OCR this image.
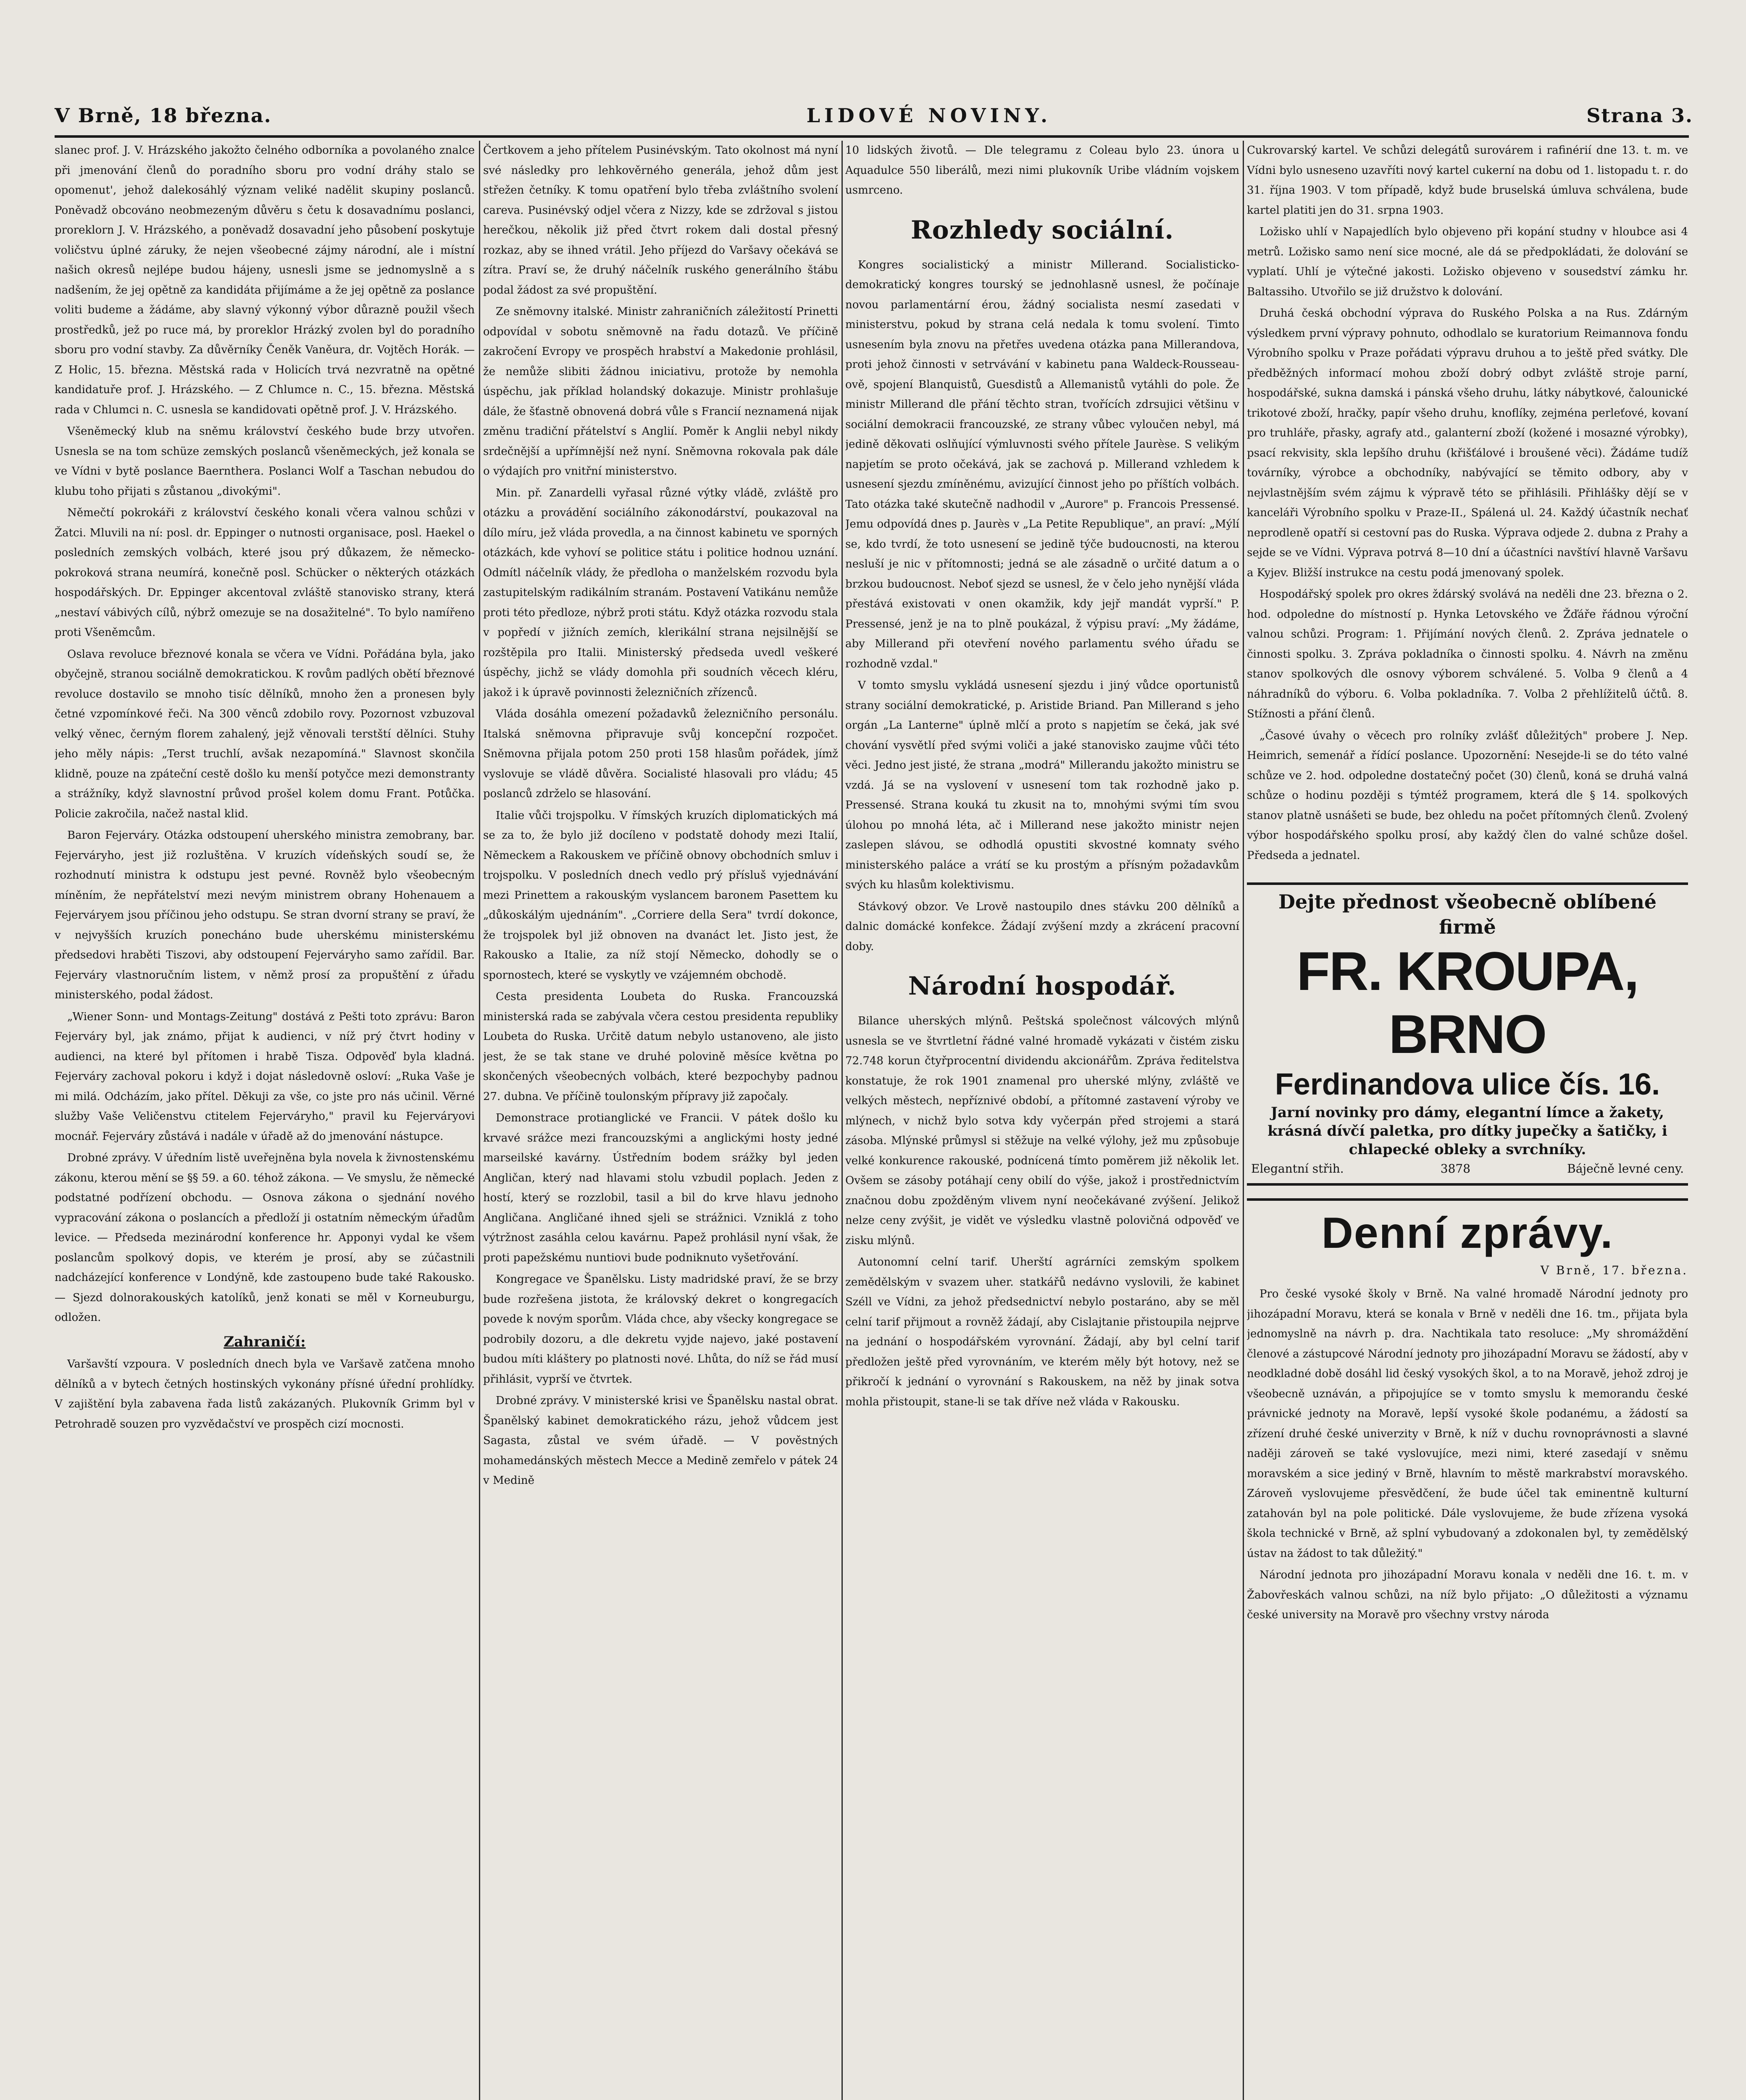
V Brně, 18 března.	LIDOVÉ NOVINY.	Strana 3.

slanec prof. J. V. Hrázského jakožto čelného odborníka a povolaného znalce při jmenování členů do poradního sboru pro vodní dráhy stalo se opomenut', jehož dalekosáhlý význam veliké nadělit skupiny poslanců. Poněvadž obcováno neobmezeným důvěru s četu k dosavadnímu poslanci, proreklorn J. V. Hrázského, a poněvadž dosavadní jeho působení poskytuje voličstvu úplné záruky, že nejen všeobecné zájmy národní, ale i místní našich okresů nejlépe budou hájeny, usnesli jsme se jednomyslně a s nadšením, že jej opětně za kandidáta přijímáme a že jej opětně za poslance voliti budeme a žádáme, aby slavný výkonný výbor důrazně použil všech prostředků, jež po ruce má, by proreklor Hrázký zvolen byl do poradního sboru pro vodní stavby. Za důvěrníky Čeněk Vaněura, dr. Vojtěch Horák. — Z Holic, 15. března. Městská rada v Holicích trvá nezvratně na opětné kandidatuře prof. J. Hrázského. — Z Chlumce n. C., 15. března. Městská rada v Chlumci n. C. usnesla se kandidovati opětně prof. J. V. Hrázského.

Všeněmecký klub na sněmu království českého bude brzy utvořen. Usnesla se na tom schüze zemských poslanců všeněmeckých, jež konala se ve Vídni v bytě poslance Baernthera. Poslanci Wolf a Taschan nebudou do klubu toho přijati s zůstanou „divokými".

Němečtí pokrokáři z království českého konali včera valnou schůzi v Žatci. Mluvili na ní: posl. dr. Eppinger o nutnosti organisace, posl. Haekel o posledních zemských volbách, které jsou prý důkazem, že německo-pokroková strana neumírá, konečně posl. Schücker o některých otázkách hospodářských. Dr. Eppinger akcentoval zvláště stanovisko strany, která „nestaví vábivých cílů, nýbrž omezuje se na dosažitelné". To bylo namířeno proti Všeněmcům.

Oslava revoluce březnové konala se včera ve Vídni. Pořádána byla, jako obyčejně, stranou sociálně demokratickou. K rovům padlých obětí březnové revoluce dostavilo se mnoho tisíc dělníků, mnoho žen a pronesen byly četné vzpomínkové řeči. Na 300 věnců zdobilo rovy. Pozornost vzbuzoval velký věnec, černým florem zahalený, jejž věnovali terstští dělníci. Stuhy jeho měly nápis: „Terst truchlí, avšak nezapomíná." Slavnost skončila klidně, pouze na zpáteční cestě došlo ku menší potyčce mezi demonstranty a strážníky, když slavnostní průvod prošel kolem domu Frant. Potůčka. Policie zakročila, načež nastal klid.

Baron Fejerváry. Otázka odstoupení uherského ministra zemobrany, bar. Fejerváryho, jest již rozluštěna. V kruzích vídeňských soudí se, že rozhodnutí ministra k odstupu jest pevné. Rovněž bylo všeobecným míněním, že nepřátelství mezi nevým ministrem obrany Hohenauem a Fejerváryem jsou příčinou jeho odstupu. Se stran dvorní strany se praví, že v nejvyšších kruzích ponecháno bude uherskému ministerskému předsedovi hraběti Tiszovi, aby odstoupení Fejerváryho samo zařídil. Bar. Fejerváry vlastnoručním listem, v němž prosí za propuštění z úřadu ministerského, podal žádost.

„Wiener Sonn- und Montags-Zeitung" dostává z Pešti toto zprávu: Baron Fejerváry byl, jak známo, přijat k audienci, v níž prý čtvrt hodiny v audienci, na které byl přítomen i hrabě Tisza. Odpověď byla kladná. Fejerváry zachoval pokoru i když i dojat následovně osloví: „Ruka Vaše je mi milá. Odcházím, jako přítel. Děkuji za vše, co jste pro nás učinil. Věrné služby Vaše Veličenstvu ctitelem Fejerváryho," pravil ku Fejerváryovi mocnář. Fejerváry zůstává i nadále v úřadě až do jmenování nástupce.

Drobné zprávy. V úředním listě uveřejněna byla novela k živnostenskému zákonu, kterou mění se §§ 59. a 60. téhož zákona. — Ve smyslu, že německé podstatné podřízení obchodu. — Osnova zákona o sjednání nového vypracování zákona o poslancích a předloží ji ostatním německým úřadům levice. — Předseda mezinárodní konference hr. Apponyi vydal ke všem poslancům spolkový dopis, ve kterém je prosí, aby se zúčastnili nadcházející konference v Londýně, kde zastoupeno bude také Rakousko. — Sjezd dolnorakouských katolíků, jenž konati se měl v Korneuburgu, odložen.

Zahraničí:

Varšavští vzpoura. V posledních dnech byla ve Varšavě zatčena mnoho dělníků a v bytech četných hostinských vykonány přísné úřední prohlídky. V zajištění byla zabavena řada listů zakázaných. Plukovník Grimm byl v Petrohradě souzen pro vyzvědačství ve prospěch cizí mocnosti.

Čertkovem a jeho přítelem Pusinévským. Tato okolnost má nyní své následky pro lehkověrného generála, jehož dům jest střežen četníky. K tomu opatření bylo třeba zvláštního svolení careva. Pusinévský odjel včera z Nizzy, kde se zdržoval s jistou herečkou, několik již před čtvrt rokem dali dostal přesný rozkaz, aby se ihned vrátil. Jeho příjezd do Varšavy očekává se zítra. Praví se, že druhý náčelník ruského generálního štábu podal žádost za své propuštění.

Ze sněmovny italské. Ministr zahraničních záležitostí Prinetti odpovídal v sobotu sněmovně na řadu dotazů. Ve příčině zakročení Evropy ve prospěch hrabství a Makedonie prohlásil, že nemůže slibiti žádnou iniciativu, protože by nemohla úspěchu, jak příklad holandský dokazuje. Ministr prohlašuje dále, že šťastně obnovená dobrá vůle s Francií neznamená nijak změnu tradiční přátelství s Anglií. Poměr k Anglii nebyl nikdy srdečnější a upřímnější než nyní. Sněmovna rokovala pak dále o výdajích pro vnitřní ministerstvo.

Min. př. Zanardelli vyřasal různé výtky vládě, zvláště pro otázku a provádění sociálního zákonodárství, poukazoval na dílo míru, jež vláda provedla, a na činnost kabinetu ve sporných otázkách, kde vyhoví se politice státu i politice hodnou uznání. Odmítl náčelník vlády, že předloha o manželském rozvodu byla zastupitelským radikálním stranám. Postavení Vatikánu nemůže proti této předloze, nýbrž proti státu. Když otázka rozvodu stala v popředí v jižních zemích, klerikální strana nejsilnější se rozštěpila pro Italii. Ministerský předseda uvedl veškeré úspěchy, jichž se vlády domohla při soudních věcech kléru, jakož i k úpravě povinnosti železničních zřízenců.

Vláda dosáhla omezení požadavků železničního personálu. Italská sněmovna připravuje svůj koncepční rozpočet. Sněmovna přijala potom 250 proti 158 hlasům pořádek, jímž vyslovuje se vládě důvěra. Socialisté hlasovali pro vládu; 45 poslanců zdrželo se hlasování.

Italie vůči trojspolku. V římských kruzích diplomatických má se za to, že bylo již docíleno v podstatě dohody mezi Italií, Německem a Rakouskem ve příčině obnovy obchodních smluv i trojspolku. V posledních dnech vedlo prý přísluš vyjednávání mezi Prinettem a rakouským vyslancem baronem Pasettem ku „důkoskálým ujednáním". „Corriere della Sera" tvrdí dokonce, že trojspolek byl již obnoven na dvanáct let. Jisto jest, že Rakousko a Italie, za níž stojí Německo, dohodly se o spornostech, které se vyskytly ve vzájemném obchodě.

Cesta presidenta Loubeta do Ruska. Francouzská ministerská rada se zabývala včera cestou presidenta republiky Loubeta do Ruska. Určitě datum nebylo ustanoveno, ale jisto jest, že se tak stane ve druhé polovině měsíce května po skončených všeobecných volbách, které bezpochyby padnou 27. dubna. Ve příčině toulonským přípravy již započaly.

Demonstrace protianglické ve Francii. V pátek došlo ku krvavé srážce mezi francouzskými a anglickými hosty jedné marseilské kavárny. Ústředním bodem srážky byl jeden Angličan, který nad hlavami stolu vzbudil poplach. Jeden z hostí, který se rozzlobil, tasil a bil do krve hlavu jednoho Angličana. Angličané ihned sjeli se strážnici. Vzniklá z toho výtržnost zasáhla celou kavárnu. Papež prohlásil nyní však, že proti papežskému nuntiovi bude podniknuto vyšetřování.

Kongregace ve Španělsku. Listy madridské praví, že se brzy bude rozřešena jistota, že královský dekret o kongregacích povede k novým sporům. Vláda chce, aby všecky kongregace se podrobily dozoru, a dle dekretu vyjde najevo, jaké postavení budou míti kláštery po platnosti nové. Lhůta, do níž se řád musí přihlásit, vyprší ve čtvrtek.

Drobné zprávy. V ministerské krisi ve Španělsku nastal obrat. Španělský kabinet demokratického rázu, jehož vůdcem jest Sagasta, zůstal ve svém úřadě. — V pověstných mohamedánských městech Mecce a Medině zemřelo v pátek 24 v Medině

10 lidských životů. — Dle telegramu z Coleau bylo 23. února u Aquadulce 550 liberálů, mezi nimi plukovník Uribe vládním vojskem usmrceno.

Rozhledy sociální.

Kongres socialistický a ministr Millerand. Socialisticko-demokratický kongres tourský se jednohlasně usnesl, že počínaje novou parlamentární érou, žádný socialista nesmí zasedati v ministerstvu, pokud by strana celá nedala k tomu svolení. Timto usnesením byla znovu na přetřes uvedena otázka pana Millerandova, proti jehož činnosti v setrvávání v kabinetu pana Waldeck-Rousseau-ově, spojení Blanquistů, Guesdistů a Allemanistů vytáhli do pole. Že ministr Millerand dle přání těchto stran, tvořících zdrsujici většinu v sociální demokracii francouzské, ze strany vůbec vyloučen nebyl, má jedině děkovati oslňující výmluvnosti svého přítele Jaurèse. S velikým napjetím se proto očekává, jak se zachová p. Millerand vzhledem k usnesení sjezdu zmíněnému, avizující činnost jeho po příštích volbách. Tato otázka také skutečně nadhodil v „Aurore" p. Francois Pressensé. Jemu odpovídá dnes p. Jaurès v „La Petite Republique", an praví: „Mýlí se, kdo tvrdí, že toto usnesení se jedině týče budoucnosti, na kterou nesluší je nic v přítomnosti; jedná se ale zásadně o určité datum a o brzkou budoucnost. Neboť sjezd se usnesl, že v čelo jeho nynější vláda přestává existovati v onen okamžik, kdy jejř mandát vyprší." P. Pressensé, jenž je na to plně poukázal, ž výpisu praví: „My žádáme, aby Millerand při otevření nového parlamentu svého úřadu se rozhodně vzdal."

V tomto smyslu vykládá usnesení sjezdu i jiný vůdce oportunistů strany sociální demokratické, p. Aristide Briand. Pan Millerand s jeho orgán „La Lanterne" úplně mlčí a proto s napjetím se čeká, jak své chování vysvětlí před svými voliči a jaké stanovisko zaujme vůči této věci. Jedno jest jisté, že strana „modrá" Millerandu jakožto ministru se vzdá. Já se na vyslovení v usnesení tom tak rozhodně jako p. Pressensé. Strana kouká tu zkusit na to, mnohými svými tím svou úlohou po mnohá léta, ač i Millerand nese jakožto ministr nejen zaslepen slávou, se odhodlá opustiti skvostné komnaty svého ministerského paláce a vrátí se ku prostým a přísným požadavkům svých ku hlasům kolektivismu.

Stávkový obzor. Ve Lrově nastoupilo dnes stávku 200 dělníků a dalnic domácké konfekce. Žádají zvýšení mzdy a zkrácení pracovní doby.

Národní hospodář.

Bilance uherských mlýnů. Peštská společnost válcových mlýnů usnesla se ve štvrtletní řádné valné hromadě vykázati v čistém zisku 72.748 korun čtyřprocentní dividendu akcionářům. Zpráva ředitelstva konstatuje, že rok 1901 znamenal pro uherské mlýny, zvláště ve velkých městech, nepříznivé období, a přítomné zastavení výroby ve mlýnech, v nichž bylo sotva kdy vyčerpán před strojemi a stará zásoba. Mlýnské průmysl si stěžuje na velké výlohy, jež mu způsobuje velké konkurence rakouské, podnícená tímto poměrem již několik let. Ovšem se zásoby potáhají ceny obilí do výše, jakož i prostřednictvím značnou dobu zpožděným vlivem nyní neočekávané zvýšení. Jelikož nelze ceny zvýšit, je vidět ve výsledku vlastně polovičná odpověď ve zisku mlýnů.

Autonomní celní tarif. Uherští agrárníci zemským spolkem zemědělským v svazem uher. statkářů nedávno vyslovili, že kabinet Széll ve Vídni, za jehož předsednictví nebylo postaráno, aby se měl celní tarif přijmout a rovněž žádají, aby Cislajtanie přistoupila nejprve na jednání o hospodářském vyrovnání. Žádají, aby byl celní tarif předložen ještě před vyrovnáním, ve kterém měly být hotovy, než se přikročí k jednání o vyrovnání s Rakouskem, na něž by jinak sotva mohla přistoupit, stane-li se tak dříve než vláda v Rakousku.

Cukrovarský kartel. Ve schůzi delegátů surovárem i rafinérií dne 13. t. m. ve Vídni bylo usneseno uzavříti nový kartel cukerní na dobu od 1. listopadu t. r. do 31. října 1903. V tom případě, když bude bruselská úmluva schválena, bude kartel platiti jen do 31. srpna 1903.

Ložisko uhlí v Napajedlích bylo objeveno při kopání studny v hloubce asi 4 metrů. Ložisko samo není sice mocné, ale dá se předpokládati, že dolování se vyplatí. Uhlí je výtečné jakosti. Ložisko objeveno v sousedství zámku hr. Baltassiho. Utvořilo se již družstvo k dolování.

Druhá česká obchodní výprava do Ruského Polska a na Rus. Zdárným výsledkem první výpravy pohnuto, odhodlalo se kuratorium Reimannova fondu Výrobního spolku v Praze pořádati výpravu druhou a to ještě před svátky. Dle předběžných informací mohou zboží dobrý odbyt zvláště stroje parní, hospodářské, sukna damská i pánská všeho druhu, látky nábytkové, čalounické trikotové zboží, hračky, papír všeho druhu, knoflíky, zejména perleťové, kovaní pro truhláře, přasky, agrafy atd., galanterní zboží (kožené i mosazné výrobky), psací rekvisity, skla lepšího druhu (křišťálové i broušené věci). Žádáme tudíž továrníky, výrobce a obchodníky, nabývající se těmito odbory, aby v nejvlastnějším svém zájmu k výpravě této se přihlásili. Přihlášky dějí se v kanceláři Výrobního spolku v Praze-II., Spálená ul. 24. Každý účastník nechať neprodleně opatří si cestovní pas do Ruska. Výprava odjede 2. dubna z Prahy a sejde se ve Vídni. Výprava potrvá 8—10 dní a účastníci navštíví hlavně Varšavu a Kyjev. Bližší instrukce na cestu podá jmenovaný spolek.

Hospodářský spolek pro okres ždárský svolává na neděli dne 23. března o 2. hod. odpoledne do místností p. Hynka Letovského ve Žďáře řádnou výroční valnou schůzi. Program: 1. Přijímání nových členů. 2. Zpráva jednatele o činnosti spolku. 3. Zpráva pokladníka o činnosti spolku. 4. Návrh na změnu stanov spolkových dle osnovy výborem schválené. 5. Volba 9 členů a 4 náhradníků do výboru. 6. Volba pokladníka. 7. Volba 2 přehlížitelů účtů. 8. Stížnosti a přání členů.

„Časové úvahy o věcech pro rolníky zvlášť důležitých" probere J. Nep. Heimrich, semenář a řídící poslance. Upozornění: Nesejde-li se do této valné schůze ve 2. hod. odpoledne dostatečný počet (30) členů, koná se druhá valná schůze o hodinu později s týmtéž programem, která dle § 14. spolkových stanov platně usnášeti se bude, bez ohledu na počet přítomných členů. Zvolený výbor hospodářského spolku prosí, aby každý člen do valné schůze došel. Předseda a jednatel.

Dejte přednost všeobecně oblíbené firmě
FR. KROUPA, BRNO
Ferdinandova ulice čís. 16.
Jarní novinky pro dámy, elegantní límce a žakety, krásná dívčí paletka, pro dítky jupečky a šatičky, i chlapecké obleky a svrchníky.
Elegantní střih.	3878	Báječně levné ceny.
Denní zprávy.
V Brně, 17. března.

Pro české vysoké školy v Brně. Na valné hromadě Národní jednoty pro jihozápadní Moravu, která se konala v Brně v neděli dne 16. tm., přijata byla jednomyslně na návrh p. dra. Nachtikala tato resoluce: „My shromáždění členové a zástupcové Národní jednoty pro jihozápadní Moravu se žádostí, aby v neodkladné době dosáhl lid český vysokých škol, a to na Moravě, jehož zdroj je všeobecně uznáván, a připojujíce se v tomto smyslu k memorandu české právnické jednoty na Moravě, lepší vysoké škole podanému, a žádostí sa zřízení druhé české univerzity v Brně, k níž v duchu rovnoprávnosti a slavné naději zároveň se také vyslovujíce, mezi nimi, které zasedají v sněmu moravském a sice jediný v Brně, hlavním to městě markrabství moravského. Zároveň vyslovujeme přesvědčení, že bude účel tak eminentně kulturní zatahován byl na pole politické. Dále vyslovujeme, že bude zřízena vysoká škola technické v Brně, až splní vybudovaný a zdokonalen byl, ty zemědělský ústav na žádost to tak důležitý."

Národní jednota pro jihozápadní Moravu konala v neděli dne 16. t. m. v Žabovřeskách valnou schůzi, na níž bylo přijato: „O důležitosti a významu české university na Moravě pro všechny vrstvy národa
